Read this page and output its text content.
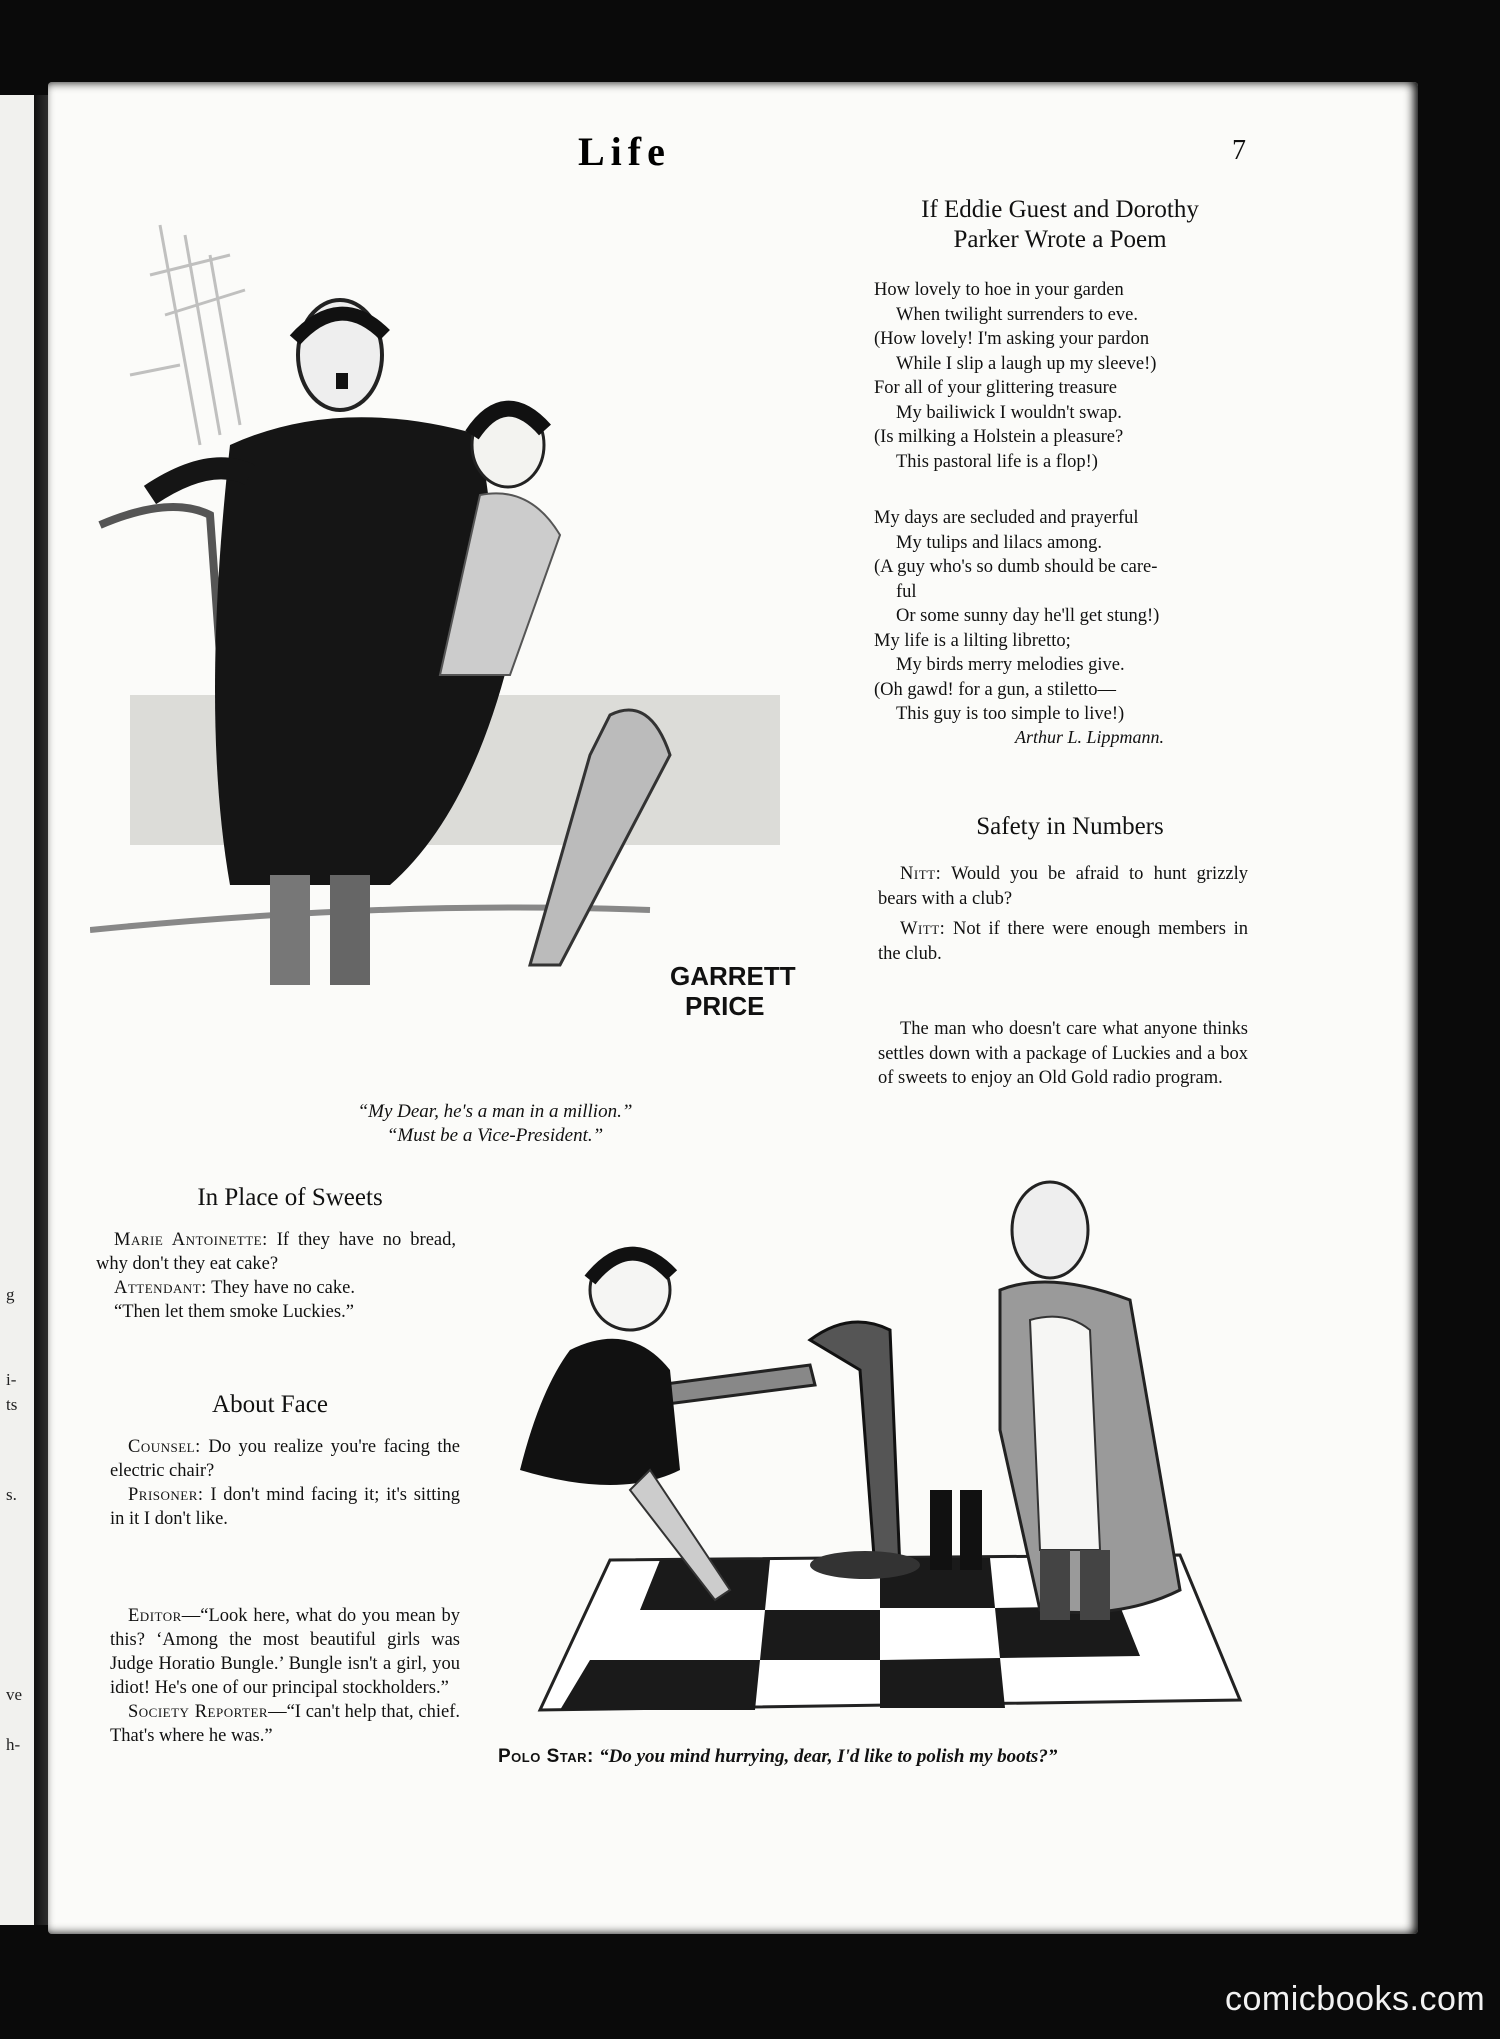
g
i-
ts
s.
ve
h-
Life	7
If Eddie Guest and Dorothy
Parker Wrote a Poem
How lovely to hoe in your garden
When twilight surrenders to eve.
(How lovely! I'm asking your pardon
While I slip a laugh up my sleeve!)
For all of your glittering treasure
My bailiwick I wouldn't swap.
(Is milking a Holstein a pleasure?
This pastoral life is a flop!)
My days are secluded and prayerful
My tulips and lilacs among.
(A guy who's so dumb should be care-
ful
Or some sunny day he'll get stung!)
My life is a lilting libretto;
My birds merry melodies give.
(Oh gawd! for a gun, a stiletto—
This guy is too simple to live!)
Arthur L. Lippmann.
Safety in Numbers
Nitt: Would you be afraid to hunt grizzly bears with a club?
Witt: Not if there were enough members in the club.
The man who doesn't care what anyone thinks settles down with a package of Luckies and a box of sweets to enjoy an Old Gold radio program.
GARRETT
PRICE
“My Dear, he's a man in a million.”
“Must be a Vice-President.”
In Place of Sweets
Marie Antoinette: If they have no bread, why don't they eat cake?
Attendant: They have no cake.
“Then let them smoke Luckies.”
About Face
Counsel: Do you realize you're facing the electric chair?
Prisoner: I don't mind facing it; it's sitting in it I don't like.
Editor—“Look here, what do you mean by this? ‘Among the most beautiful girls was Judge Horatio Bungle.’ Bungle isn't a girl, you idiot! He's one of our principal stockholders.”
Society Reporter—“I can't help that, chief. That's where he was.”
Polo Star: “Do you mind hurrying, dear, I'd like to polish my boots?”
comicbooks.com
